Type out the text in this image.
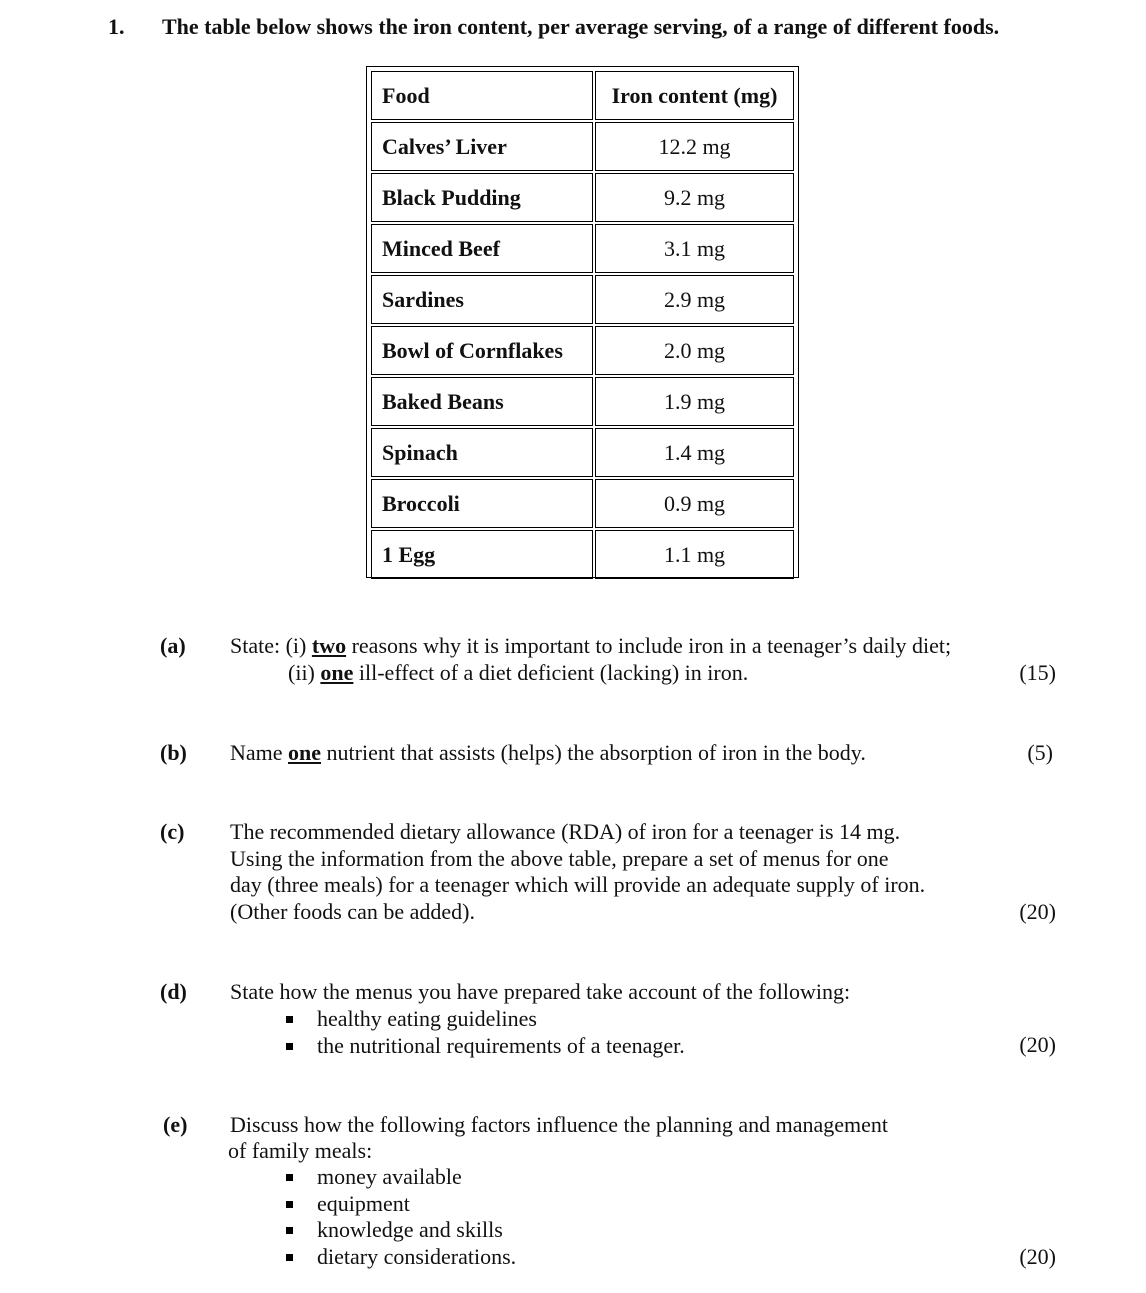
1. The table below shows the iron content, per average serving, of a range of different foods.
Food	Iron content (mg)
Calves’ Liver	12.2 mg
Black Pudding	9.2 mg
Minced Beef	3.1 mg
Sardines	2.9 mg
Bowl of Cornflakes	2.0 mg
Baked Beans	1.9 mg
Spinach	1.4 mg
Broccoli	0.9 mg
1 Egg	1.1 mg
(a) State: (i) two reasons why it is important to include iron in a teenager’s daily diet;
(ii) one ill-effect of a diet deficient (lacking) in iron.	(15)
(b) Name one nutrient that assists (helps) the absorption of iron in the body.	(5)
(c) The recommended dietary allowance (RDA) of iron for a teenager is 14 mg.
Using the information from the above table, prepare a set of menus for one
day (three meals) for a teenager which will provide an adequate supply of iron.
(Other foods can be added).	(20)
(d) State how the menus you have prepared take account of the following:
healthy eating guidelines
the nutritional requirements of a teenager.	(20)
(e) Discuss how the following factors influence the planning and management
of family meals:
money available
equipment
knowledge and skills
dietary considerations.	(20)
